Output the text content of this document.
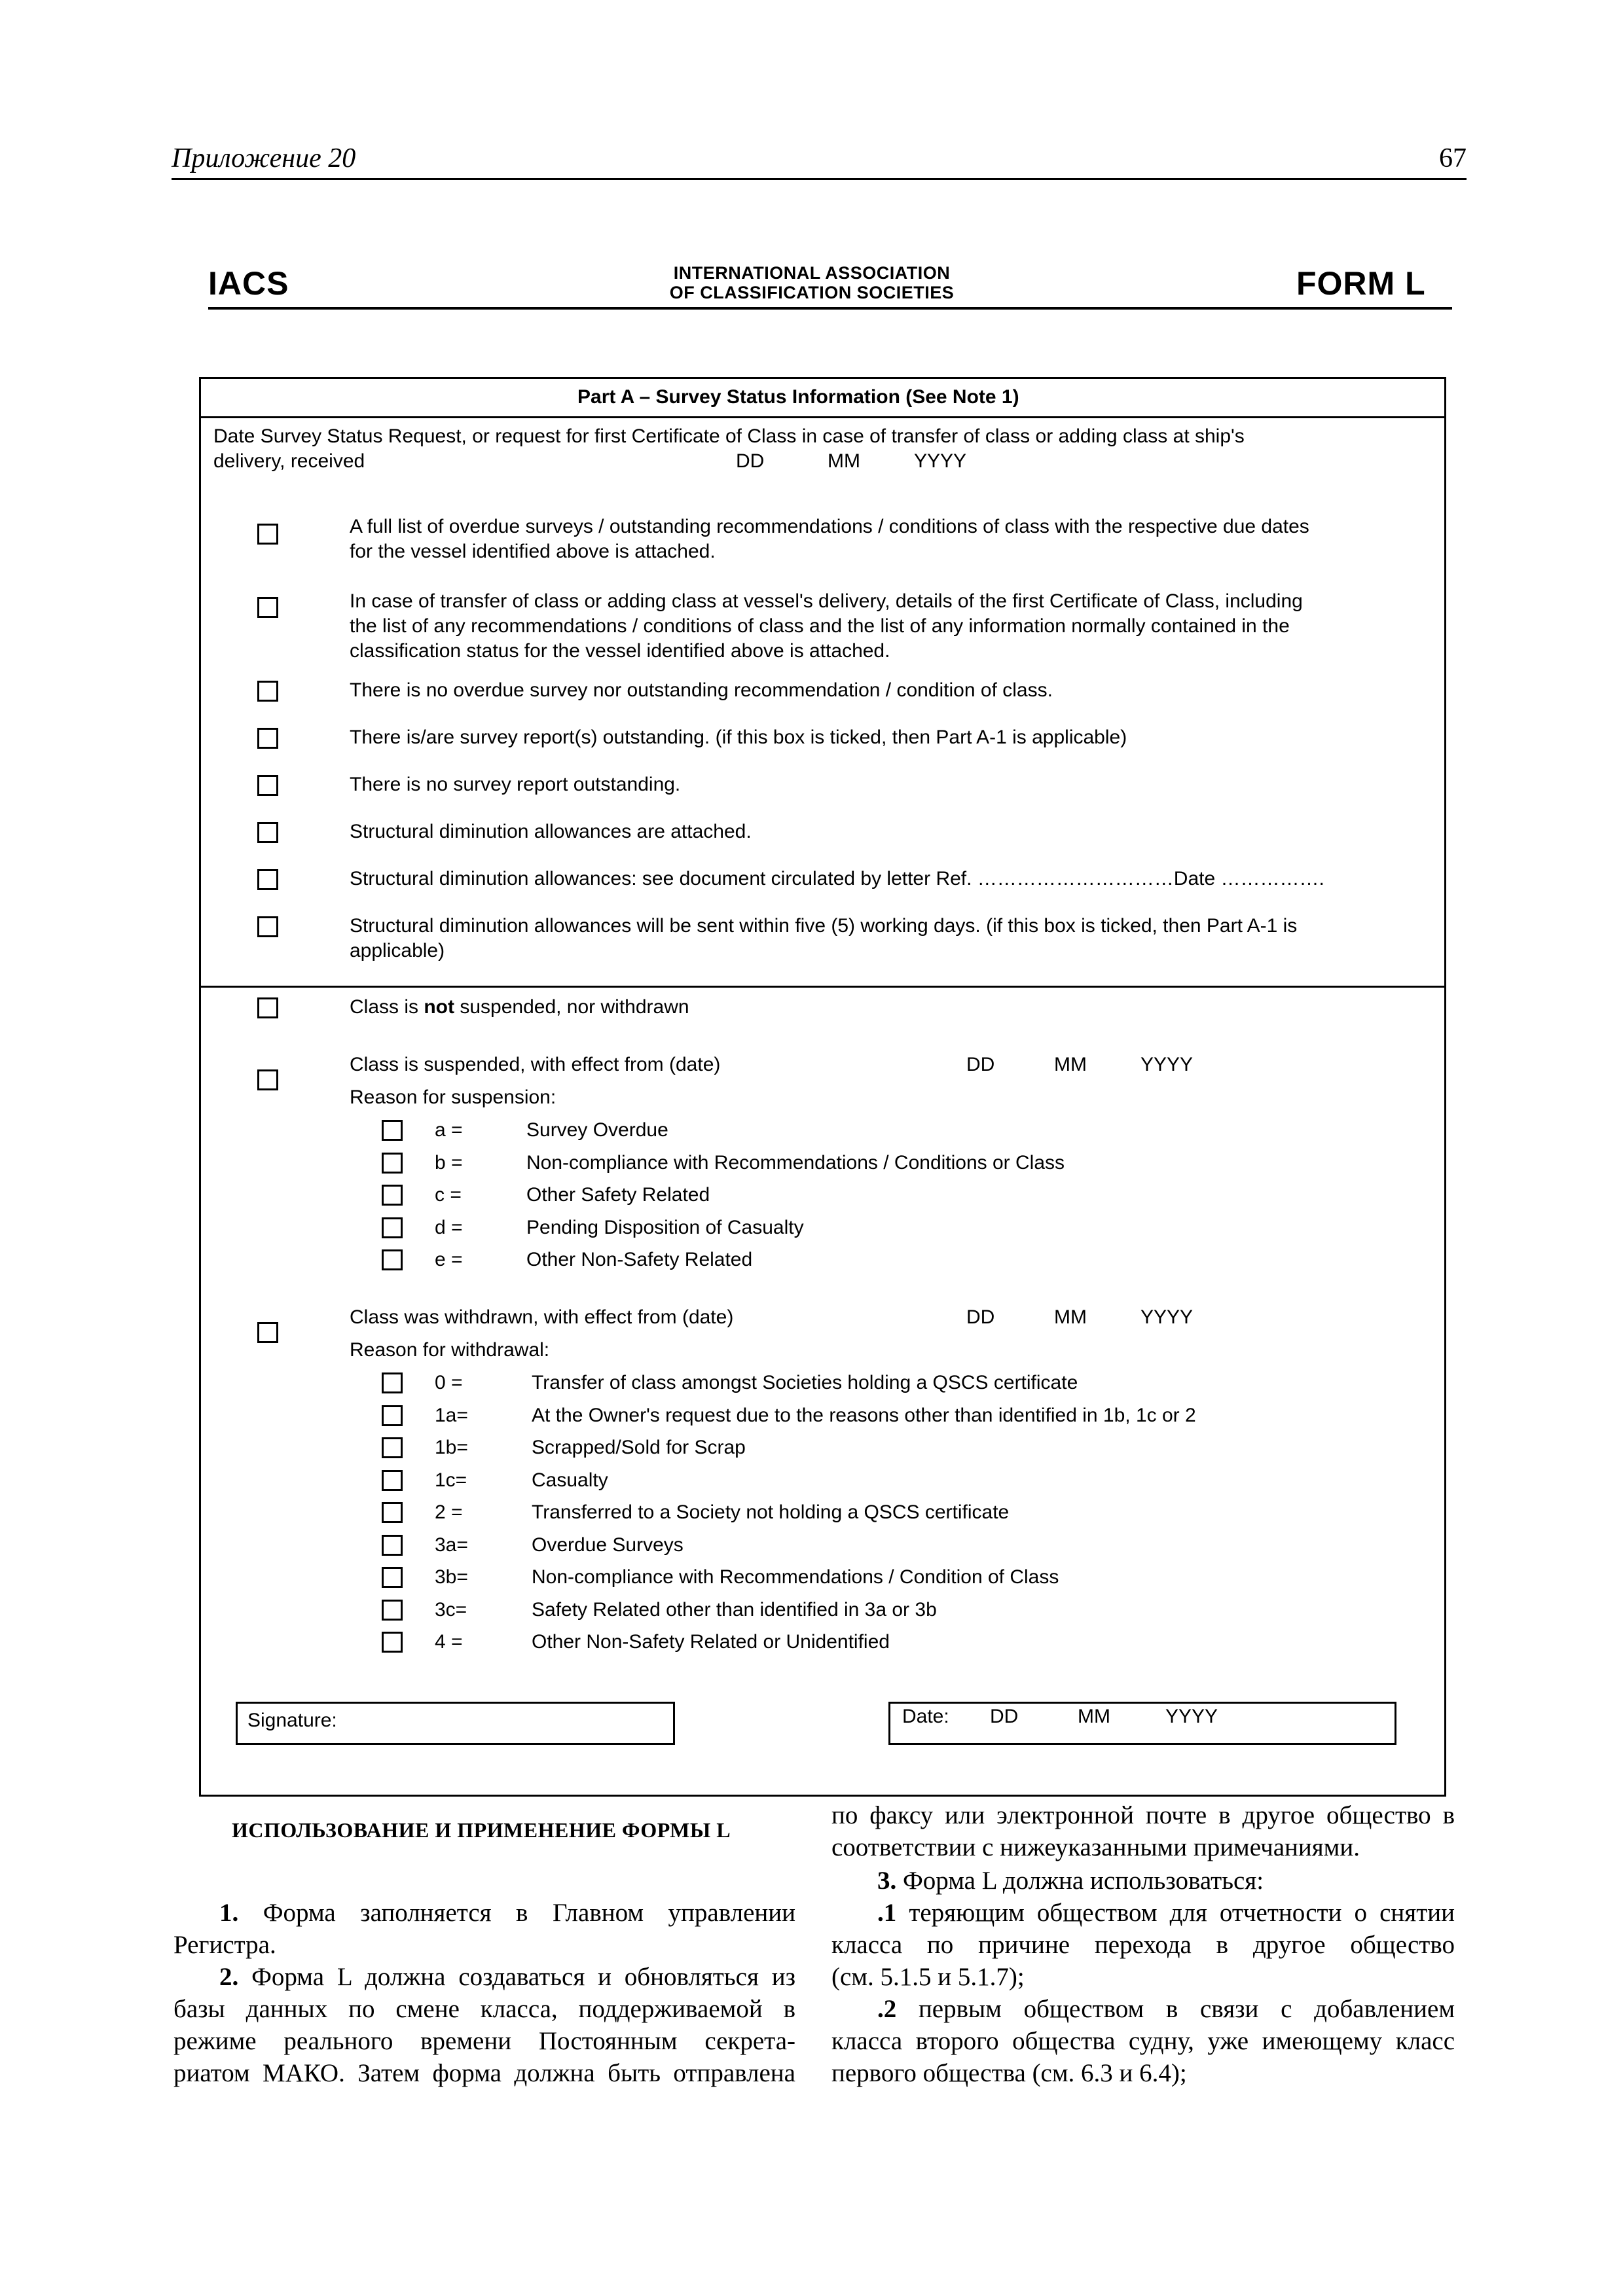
Приложение 20	67
IACS	INTERNATIONAL ASSOCIATION
OF CLASSIFICATION SOCIETIES	FORM L
Part A – Survey Status Information (See Note 1)
Date Survey Status Request, or request for first Certificate of Class in case of transfer of class or adding class at ship's
delivery, received	DD	MM	YYYY
A full list of overdue surveys / outstanding recommendations / conditions of class with the respective due dates
for the vessel identified above is attached.
In case of transfer of class or adding class at vessel's delivery, details of the first Certificate of Class, including
the list of any recommendations / conditions of class and the list of any information normally contained in the
classification status for the vessel identified above is attached.
There is no overdue survey nor outstanding recommendation / condition of class.
There is/are survey report(s) outstanding. (if this box is ticked, then Part A-1 is applicable)
There is no survey report outstanding.
Structural diminution allowances are attached.
Structural diminution allowances: see document circulated by letter Ref. …………………………Date …………….
Structural diminution allowances will be sent within five (5) working days. (if this box is ticked, then Part A-1 is
applicable)
Class is not suspended, nor withdrawn
Class is suspended, with effect from (date)	DD	MM	YYYY
Reason for suspension:
a =	Survey Overdue
b =	Non-compliance with Recommendations / Conditions or Class
c =	Other Safety Related
d =	Pending Disposition of Casualty
e =	Other Non-Safety Related
Class was withdrawn, with effect from (date)	DD	MM	YYYY
Reason for withdrawal:
0 =	Transfer of class amongst Societies holding a QSCS certificate
1a=	At the Owner's request due to the reasons other than identified in 1b, 1c or 2
1b=	Scrapped/Sold for Scrap
1c=	Casualty
2 =	Transferred to a Society not holding a QSCS certificate
3a=	Overdue Surveys
3b=	Non-compliance with Recommendations / Condition of Class
3c=	Safety Related other than identified in 3a or 3b
4 =	Other Non-Safety Related or Unidentified
Signature:	Date: DD	MM	YYYY
ИСПОЛЬЗОВАНИЕ И ПРИМЕНЕНИЕ ФОРМЫ L
1. Форма заполняется в Главном управлении
Регистра.
2. Форма L должна создаваться и обновляться из
базы данных по смене класса, поддерживаемой в
режиме реального времени Постоянным секрета-
риатом МАКО. Затем форма должна быть отправлена
по факсу или электронной почте в другое общество в
соответствии с нижеуказанными примечаниями.
3. Форма L должна использоваться:
.1 теряющим обществом для отчетности о снятии
класса по причине перехода в другое общество
(см. 5.1.5 и 5.1.7);
.2 первым обществом в связи с добавлением
класса второго общества судну, уже имеющему класс
первого общества (см. 6.3 и 6.4);
